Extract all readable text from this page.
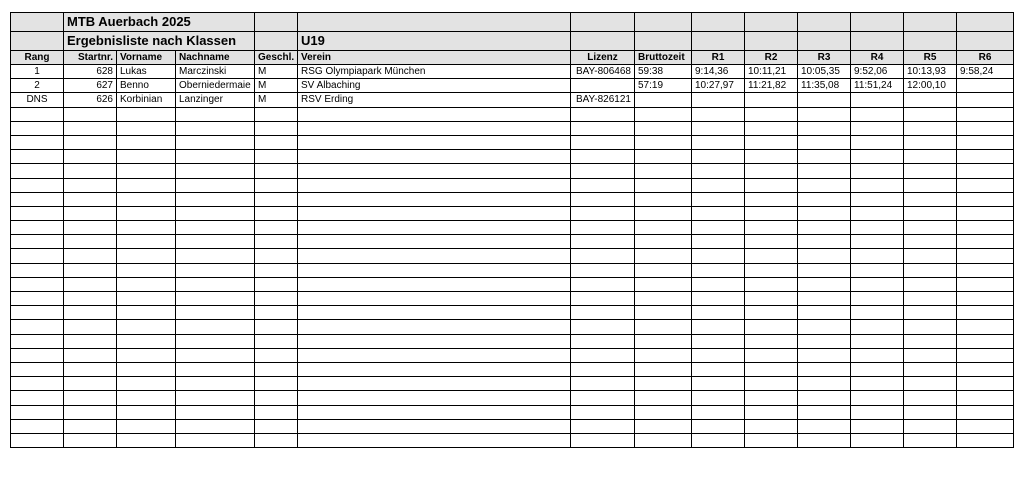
	MTB Auerbach 2025												
	Ergebnisliste nach Klassen				U19								
Rang	Startnr.	Vorname	Nachname	Geschl.	Verein	Lizenz	Bruttozeit	R1	R2	R3	R4	R5	R6
1	628	Lukas	Marczinski	M	RSG Olympiapark München	BAY-806468	59:38	9:14,36	10:11,21	10:05,35	9:52,06	10:13,93	9:58,24
2	627	Benno	Oberniedermaie	M	SV Albaching		57:19	10:27,97	11:21,82	11:35,08	11:51,24	12:00,10	
DNS	626	Korbinian	Lanzinger	M	RSV Erding	BAY-826121							
